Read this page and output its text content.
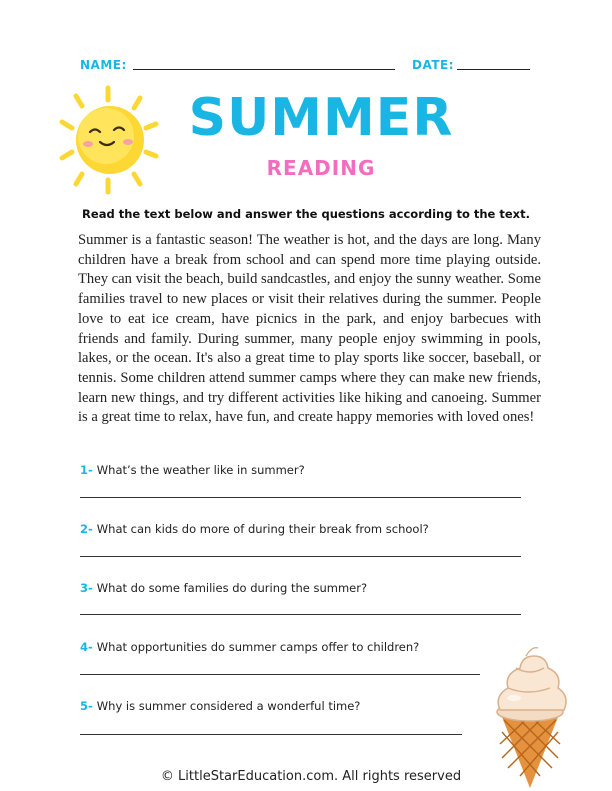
NAME:	DATE:
SUMMER
READING
Read the text below and answer the questions according to the text.
Summer is a fantastic season! The weather is hot, and the days are long. Many children have a break from school and can spend more time playing outside. They can visit the beach, build sandcastles, and enjoy the sunny weather. Some families travel to new places or visit their relatives during the summer. People love to eat ice cream, have picnics in the park, and enjoy barbecues with friends and family. During summer, many people enjoy swimming in pools, lakes, or the ocean. It's also a great time to play sports like soccer, baseball, or tennis. Some children attend summer camps where they can make new friends, learn new things, and try different activities like hiking and canoeing. Summer is a great time to relax, have fun, and create happy memories with loved ones!
1- What’s the weather like in summer?
2- What can kids do more of during their break from school?
3- What do some families do during the summer?
4- What opportunities do summer camps offer to children?
5- Why is summer considered a wonderful time?
© LittleStarEducation.com. All rights reserved
